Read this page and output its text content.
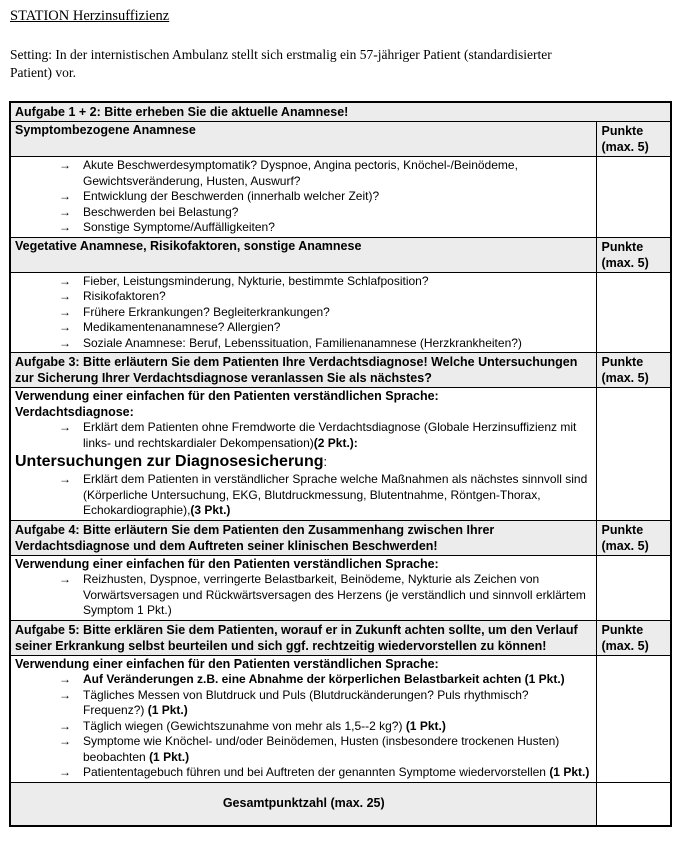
STATION Herzinsuffizienz
Setting: In der internistischen Ambulanz stellt sich erstmalig ein 57-jähriger Patient (standardisierter Patient) vor.
Aufgabe 1 + 2: Bitte erheben Sie die aktuelle Anamnese!	
Symptombezogene Anamnese	Punkte
(max. 5)

→	Akute Beschwerdesymptomatik? Dyspnoe, Angina pectoris, Knöchel-/Beinödeme, Gewichtsveränderung, Husten, Auswurf?
→	Entwicklung der Beschwerden (innerhalb welcher Zeit)?
→	Beschwerden bei Belastung?
→	Sonstige Symptome/Auffälligkeiten?

Vegetative Anamnese, Risikofaktoren, sonstige Anamnese	Punkte
(max. 5)

→	Fieber, Leistungsminderung, Nykturie, bestimmte Schlafposition?
→	Risikofaktoren?
→	Frühere Erkrankungen? Begleiterkrankungen?
→	Medikamentenanamnese? Allergien?
→	Soziale Anamnese: Beruf, Lebenssituation, Familienanamnese (Herzkrankheiten?)

Aufgabe 3: Bitte erläutern Sie dem Patienten Ihre Verdachtsdiagnose! Welche Untersuchungen zur Sicherung Ihrer Verdachtsdiagnose veranlassen Sie als nächstes?	Punkte
(max. 5)

Verwendung einer einfachen für den Patienten verständlichen Sprache:
Verdachtsdiagnose:
→	Erklärt dem Patienten ohne Fremdworte die Verdachtsdiagnose (Globale Herzinsuffizienz mit links- und rechtskardialer Dekompensation)(2 Pkt.):
Untersuchungen zur Diagnosesicherung:
→	Erklärt dem Patienten in verständlicher Sprache welche Maßnahmen als nächstes sinnvoll sind (Körperliche Untersuchung, EKG, Blutdruckmessung, Blutentnahme, Röntgen-Thorax, Echokardiographie),(3 Pkt.)

Aufgabe 4: Bitte erläutern Sie dem Patienten den Zusammenhang zwischen Ihrer Verdachtsdiagnose und dem Auftreten seiner klinischen Beschwerden!	Punkte
(max. 5)

Verwendung einer einfachen für den Patienten verständlichen Sprache:
→	Reizhusten, Dyspnoe, verringerte Belastbarkeit, Beinödeme, Nykturie als Zeichen von Vorwärtsversagen und Rückwärtsversagen des Herzens (je verständlich und sinnvoll erklärtem Symptom 1 Pkt.)

Aufgabe 5: Bitte erklären Sie dem Patienten, worauf er in Zukunft achten sollte, um den Verlauf seiner Erkrankung selbst beurteilen und sich ggf. rechtzeitig wiedervorstellen zu können!	Punkte
(max. 5)

Verwendung einer einfachen für den Patienten verständlichen Sprache:
→	Auf Veränderungen z.B. eine Abnahme der körperlichen Belastbarkeit achten (1 Pkt.)
→	Tägliches Messen von Blutdruck und Puls (Blutdruckänderungen? Puls rhythmisch? Frequenz?) (1 Pkt.)
→	Täglich wiegen (Gewichtszunahme von mehr als 1,5--2 kg?) (1 Pkt.)
→	Symptome wie Knöchel- und/oder Beinödemen, Husten (insbesondere trockenen Husten) beobachten (1 Pkt.)
→	Patiententagebuch führen und bei Auftreten der genannten Symptome wiedervorstellen (1 Pkt.)

Gesamtpunktzahl (max. 25)	
